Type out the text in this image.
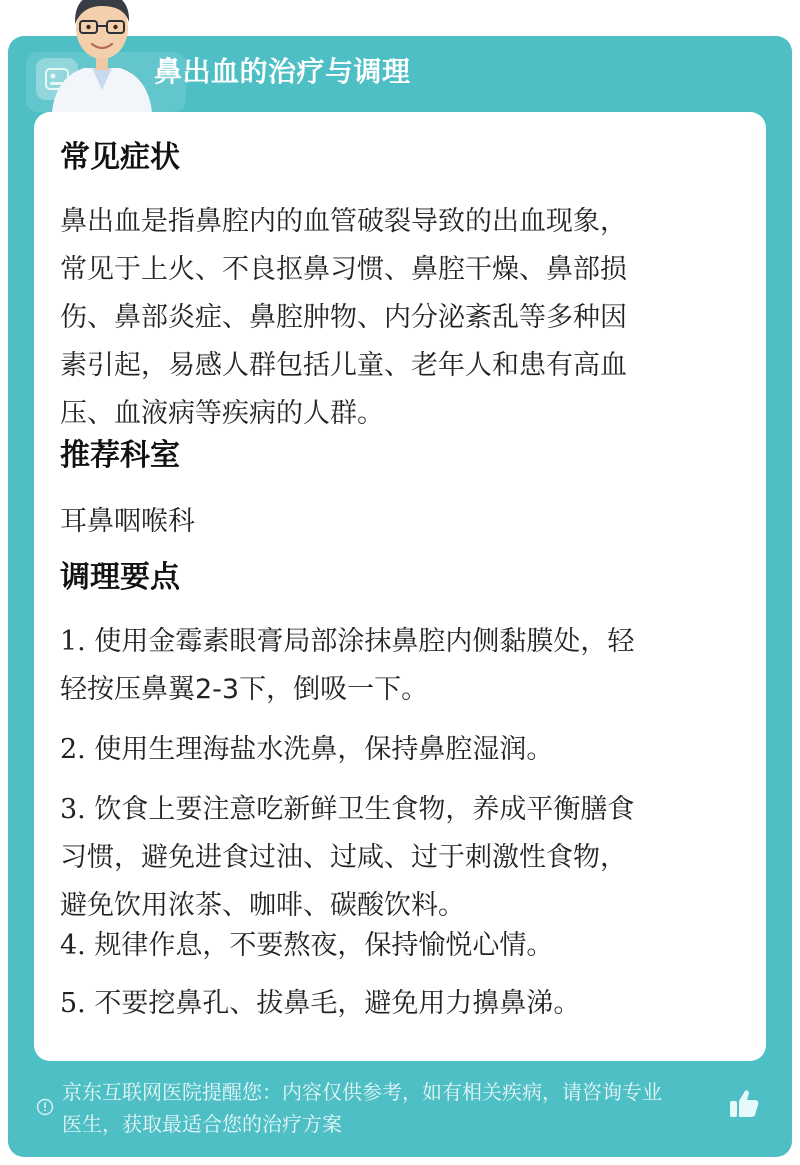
鼻出血的治疗与调理
常见症状
鼻出血是指鼻腔内的血管破裂导致的出血现象，
常见于上火、不良抠鼻习惯、鼻腔干燥、鼻部损
伤、鼻部炎症、鼻腔肿物、内分泌紊乱等多种因
素引起，易感人群包括儿童、老年人和患有高血
压、血液病等疾病的人群。
推荐科室
耳鼻咽喉科
调理要点
1. 使用金霉素眼膏局部涂抹鼻腔内侧黏膜处，轻
轻按压鼻翼2-3下，倒吸一下。
2. 使用生理海盐水洗鼻，保持鼻腔湿润。
3. 饮食上要注意吃新鲜卫生食物，养成平衡膳食
习惯，避免进食过油、过咸、过于刺激性食物，
避免饮用浓茶、咖啡、碳酸饮料。
4. 规律作息，不要熬夜，保持愉悦心情。
5. 不要挖鼻孔、拔鼻毛，避免用力擤鼻涕。
京东互联网医院提醒您：内容仅供参考，如有相关疾病，请咨询专业
医生，获取最适合您的治疗方案
